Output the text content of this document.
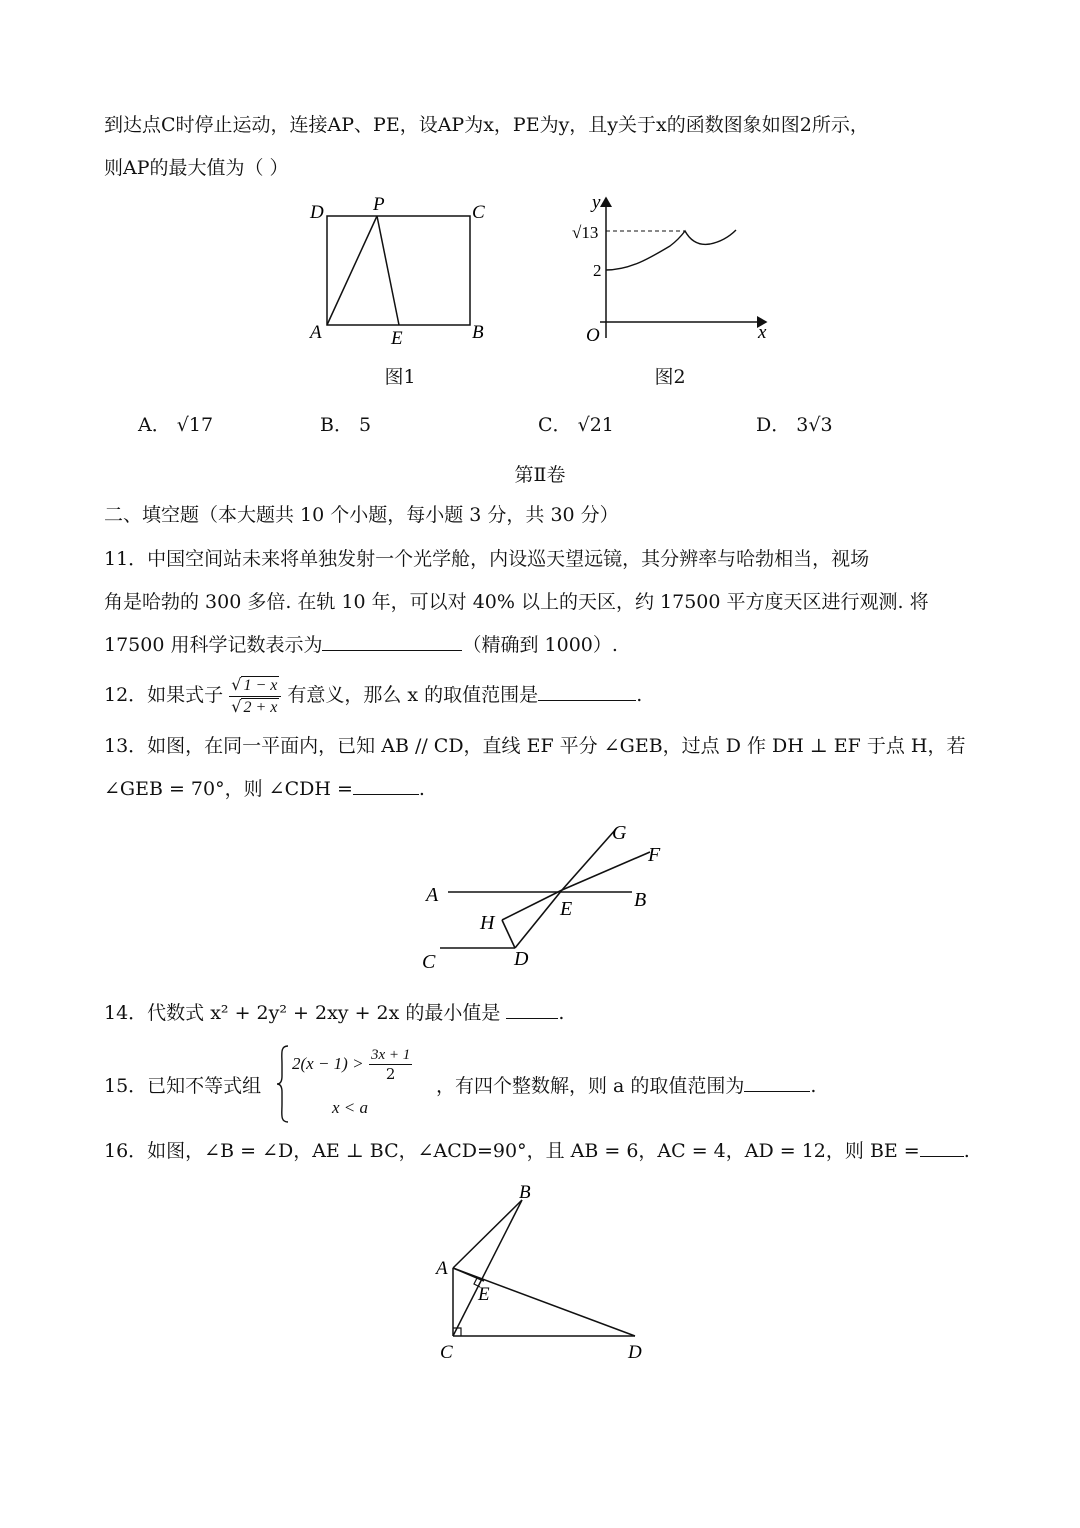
到达点C时停止运动，连接AP、PE，设AP为x，PE为y，且y关于x的函数图象如图2所示，
则AP的最大值为（ ）
D	P	C
A	E	B
图1
y
√13
2
O	x
图2
A． √17	B． 5	C． √21	D． 3√3
第Ⅱ卷
二、填空题（本大题共 10 个小题，每小题 3 分，共 30 分）
11．中国空间站未来将单独发射一个光学舱，内设巡天望远镜，其分辨率与哈勃相当，视场
角是哈勃的 300 多倍. 在轨 10 年，可以对 40% 以上的天区，约 17500 平方度天区进行观测. 将
17500 用科学记数表示为	（精确到 1000）.
12．如果式子 $\frac{√ 1 - x}{√ 2 + x}$ 有意义，那么 x 的取值范围是	.
13．如图，在同一平面内，已知 AB // CD，直线 EF 平分 ∠GEB，过点 D 作 DH ⊥ EF 于点 H，若
∠GEB = 70°，则 ∠CDH =	.
G
F
A
E	B
H
C	D
14．代数式 x² + 2y² + 2xy + 2x 的最小值是	.
15．已知不等式组
$2(x - 1) > \frac{3x + 1}{2}$
x < a
，有四个整数解，则 a 的取值范围为	.
16．如图，∠B = ∠D，AE ⊥ BC，∠ACD=90°，且 AB = 6，AC = 4，AD = 12，则 BE = .
B
A
E
C	D
